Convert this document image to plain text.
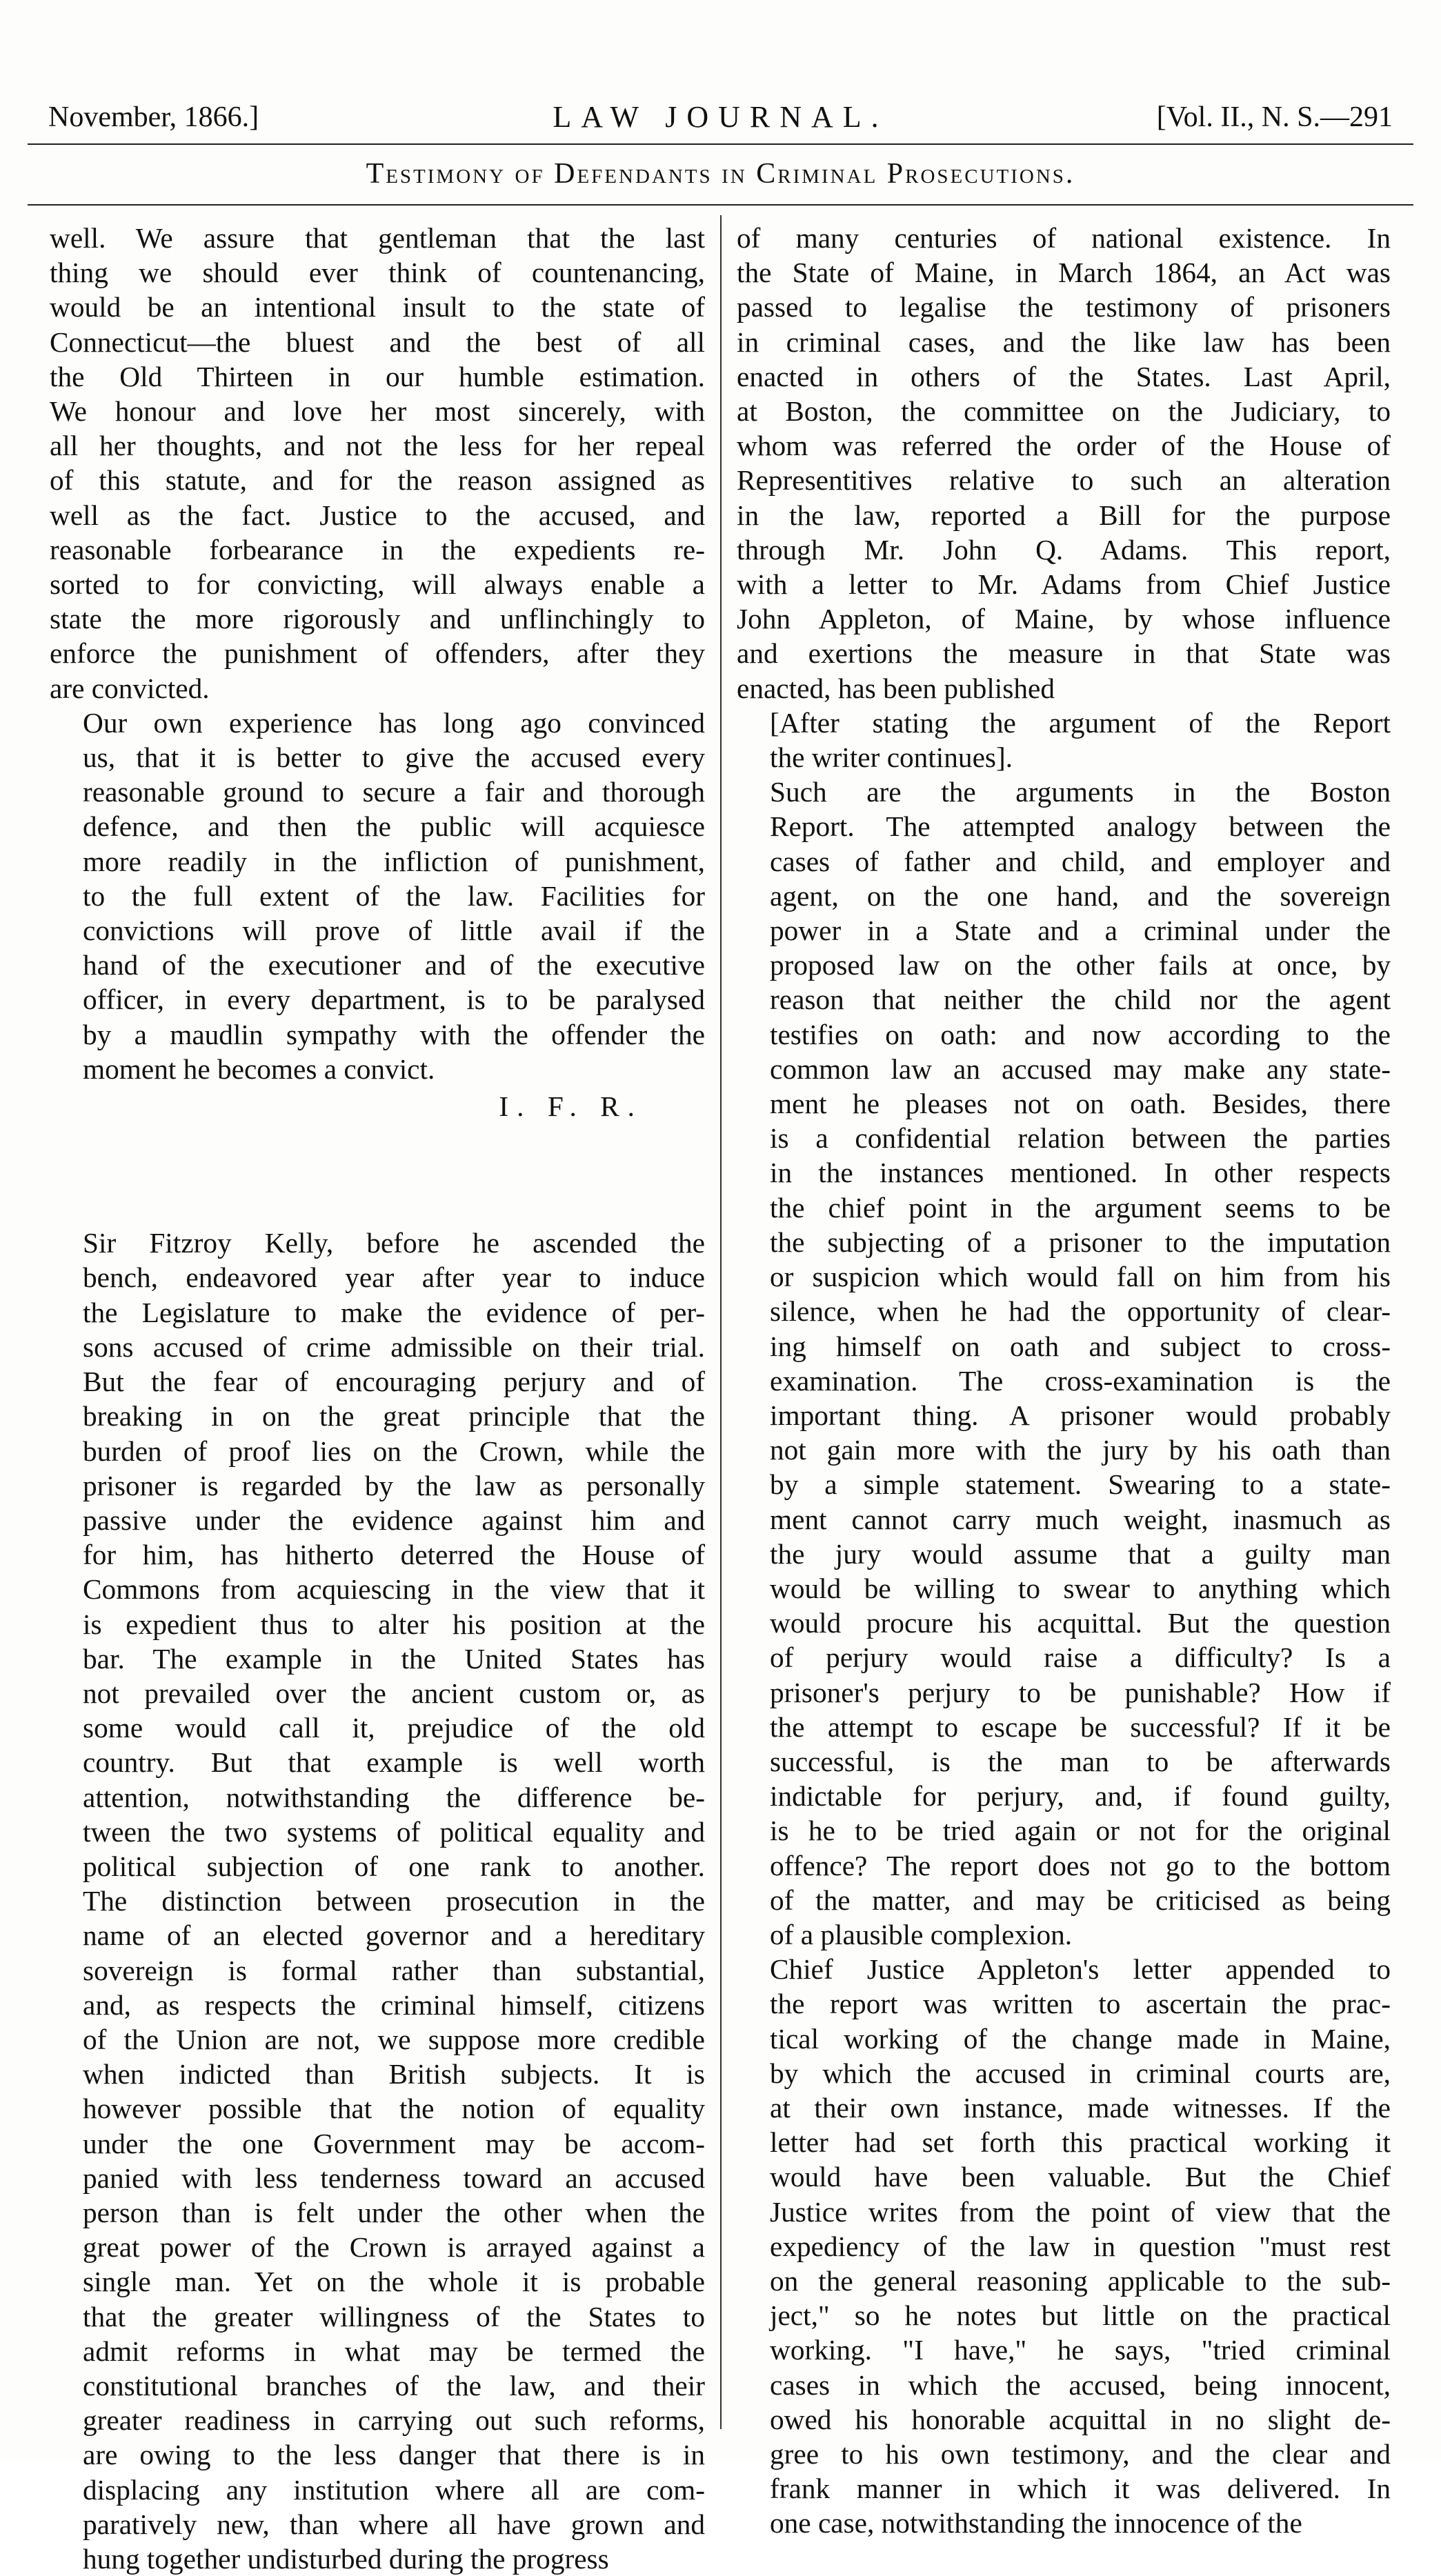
November, 1866.]	LAW JOURNAL.	[Vol. II., N. S.—291
Testimony of Defendants in Criminal Prosecutions.

well. We assure that gentleman that the last
thing we should ever think of countenancing,
would be an intentional insult to the state of
Connecticut—the bluest and the best of all
the Old Thirteen in our humble estimation.
We honour and love her most sincerely, with
all her thoughts, and not the less for her repeal
of this statute, and for the reason assigned as
well as the fact. Justice to the accused, and
reasonable forbearance in the expedients re-
sorted to for convicting, will always enable a
state the more rigorously and unflinchingly to
enforce the punishment of offenders, after they
are convicted.

Our own experience has long ago convinced
us, that it is better to give the accused every
reasonable ground to secure a fair and thorough
defence, and then the public will acquiesce
more readily in the infliction of punishment,
to the full extent of the law. Facilities for
convictions will prove of little avail if the
hand of the executioner and of the executive
officer, in every department, is to be paralysed
by a maudlin sympathy with the offender the
moment he becomes a convict.

I. F. R.

Sir Fitzroy Kelly, before he ascended the
bench, endeavored year after year to induce
the Legislature to make the evidence of per-
sons accused of crime admissible on their trial.
But the fear of encouraging perjury and of
breaking in on the great principle that the
burden of proof lies on the Crown, while the
prisoner is regarded by the law as personally
passive under the evidence against him and
for him, has hitherto deterred the House of
Commons from acquiescing in the view that it
is expedient thus to alter his position at the
bar. The example in the United States has
not prevailed over the ancient custom or, as
some would call it, prejudice of the old
country. But that example is well worth
attention, notwithstanding the difference be-
tween the two systems of political equality and
political subjection of one rank to another.
The distinction between prosecution in the
name of an elected governor and a hereditary
sovereign is formal rather than substantial,
and, as respects the criminal himself, citizens
of the Union are not, we suppose more credible
when indicted than British subjects. It is
however possible that the notion of equality
under the one Government may be accom-
panied with less tenderness toward an accused
person than is felt under the other when the
great power of the Crown is arrayed against a
single man. Yet on the whole it is probable
that the greater willingness of the States to
admit reforms in what may be termed the
constitutional branches of the law, and their
greater readiness in carrying out such reforms,
are owing to the less danger that there is in
displacing any institution where all are com-
paratively new, than where all have grown and
hung together undisturbed during the progress

of many centuries of national existence. In
the State of Maine, in March 1864, an Act was
passed to legalise the testimony of prisoners
in criminal cases, and the like law has been
enacted in others of the States. Last April,
at Boston, the committee on the Judiciary, to
whom was referred the order of the House of
Representitives relative to such an alteration
in the law, reported a Bill for the purpose
through Mr. John Q. Adams. This report,
with a letter to Mr. Adams from Chief Justice
John Appleton, of Maine, by whose influence
and exertions the measure in that State was
enacted, has been published

[After stating the argument of the Report
the writer continues].

Such are the arguments in the Boston
Report. The attempted analogy between the
cases of father and child, and employer and
agent, on the one hand, and the sovereign
power in a State and a criminal under the
proposed law on the other fails at once, by
reason that neither the child nor the agent
testifies on oath: and now according to the
common law an accused may make any state-
ment he pleases not on oath. Besides, there
is a confidential relation between the parties
in the instances mentioned. In other respects
the chief point in the argument seems to be
the subjecting of a prisoner to the imputation
or suspicion which would fall on him from his
silence, when he had the opportunity of clear-
ing himself on oath and subject to cross-
examination. The cross-examination is the
important thing. A prisoner would probably
not gain more with the jury by his oath than
by a simple statement. Swearing to a state-
ment cannot carry much weight, inasmuch as
the jury would assume that a guilty man
would be willing to swear to anything which
would procure his acquittal. But the question
of perjury would raise a difficulty? Is a
prisoner's perjury to be punishable? How if
the attempt to escape be successful? If it be
successful, is the man to be afterwards
indictable for perjury, and, if found guilty,
is he to be tried again or not for the original
offence? The report does not go to the bottom
of the matter, and may be criticised as being
of a plausible complexion.

Chief Justice Appleton's letter appended to
the report was written to ascertain the prac-
tical working of the change made in Maine,
by which the accused in criminal courts are,
at their own instance, made witnesses. If the
letter had set forth this practical working it
would have been valuable. But the Chief
Justice writes from the point of view that the
expediency of the law in question "must rest
on the general reasoning applicable to the sub-
ject," so he notes but little on the practical
working. "I have," he says, "tried criminal
cases in which the accused, being innocent,
owed his honorable acquittal in no slight de-
gree to his own testimony, and the clear and
frank manner in which it was delivered. In
one case, notwithstanding the innocence of the
